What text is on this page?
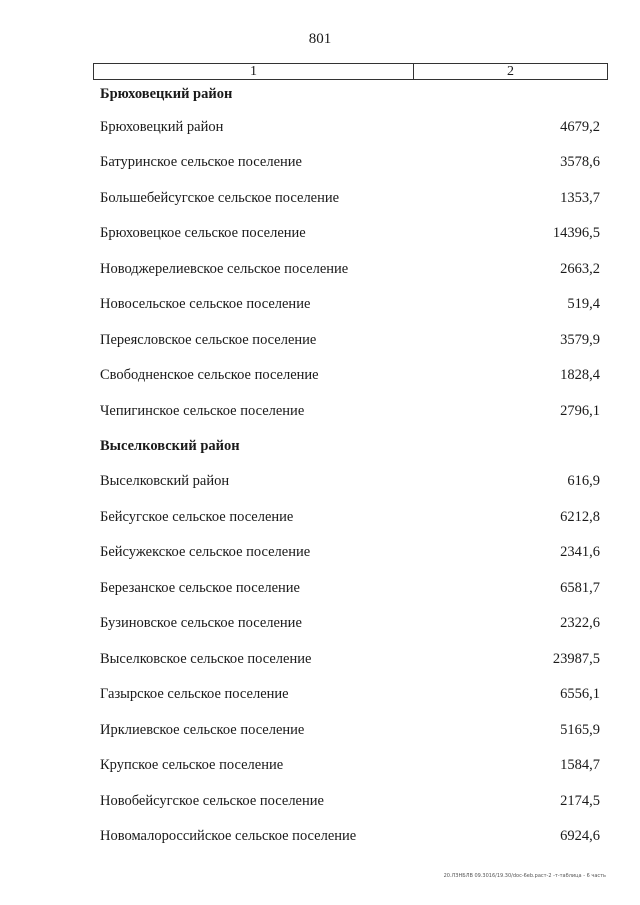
801
1	2
Брюховецкий район
Брюховецкий район	4679,2
Батуринское сельское поселение	3578,6
Большебейсугское сельское поселение	1353,7
Брюховецкое сельское поселение	14396,5
Новоджерелиевское сельское поселение	2663,2
Новосельское сельское поселение	519,4
Переясловское сельское поселение	3579,9
Свободненское сельское поселение	1828,4
Чепигинское сельское поселение	2796,1
Выселковский район
Выселковский район	616,9
Бейсугское сельское поселение	6212,8
Бейсужекское сельское поселение	2341,6
Березанское сельское поселение	6581,7
Бузиновское сельское поселение	2322,6
Выселковское сельское поселение	23987,5
Газырское сельское поселение	6556,1
Ирклиевское сельское поселение	5165,9
Крупское сельское поселение	1584,7
Новобейсугское сельское поселение	2174,5
Новомалороссийское сельское поселение	6924,6
20.ЛЗНБЛВ 09.3016/19.30/doc-6eb.раст-2 -т-таблица - 6 часть
